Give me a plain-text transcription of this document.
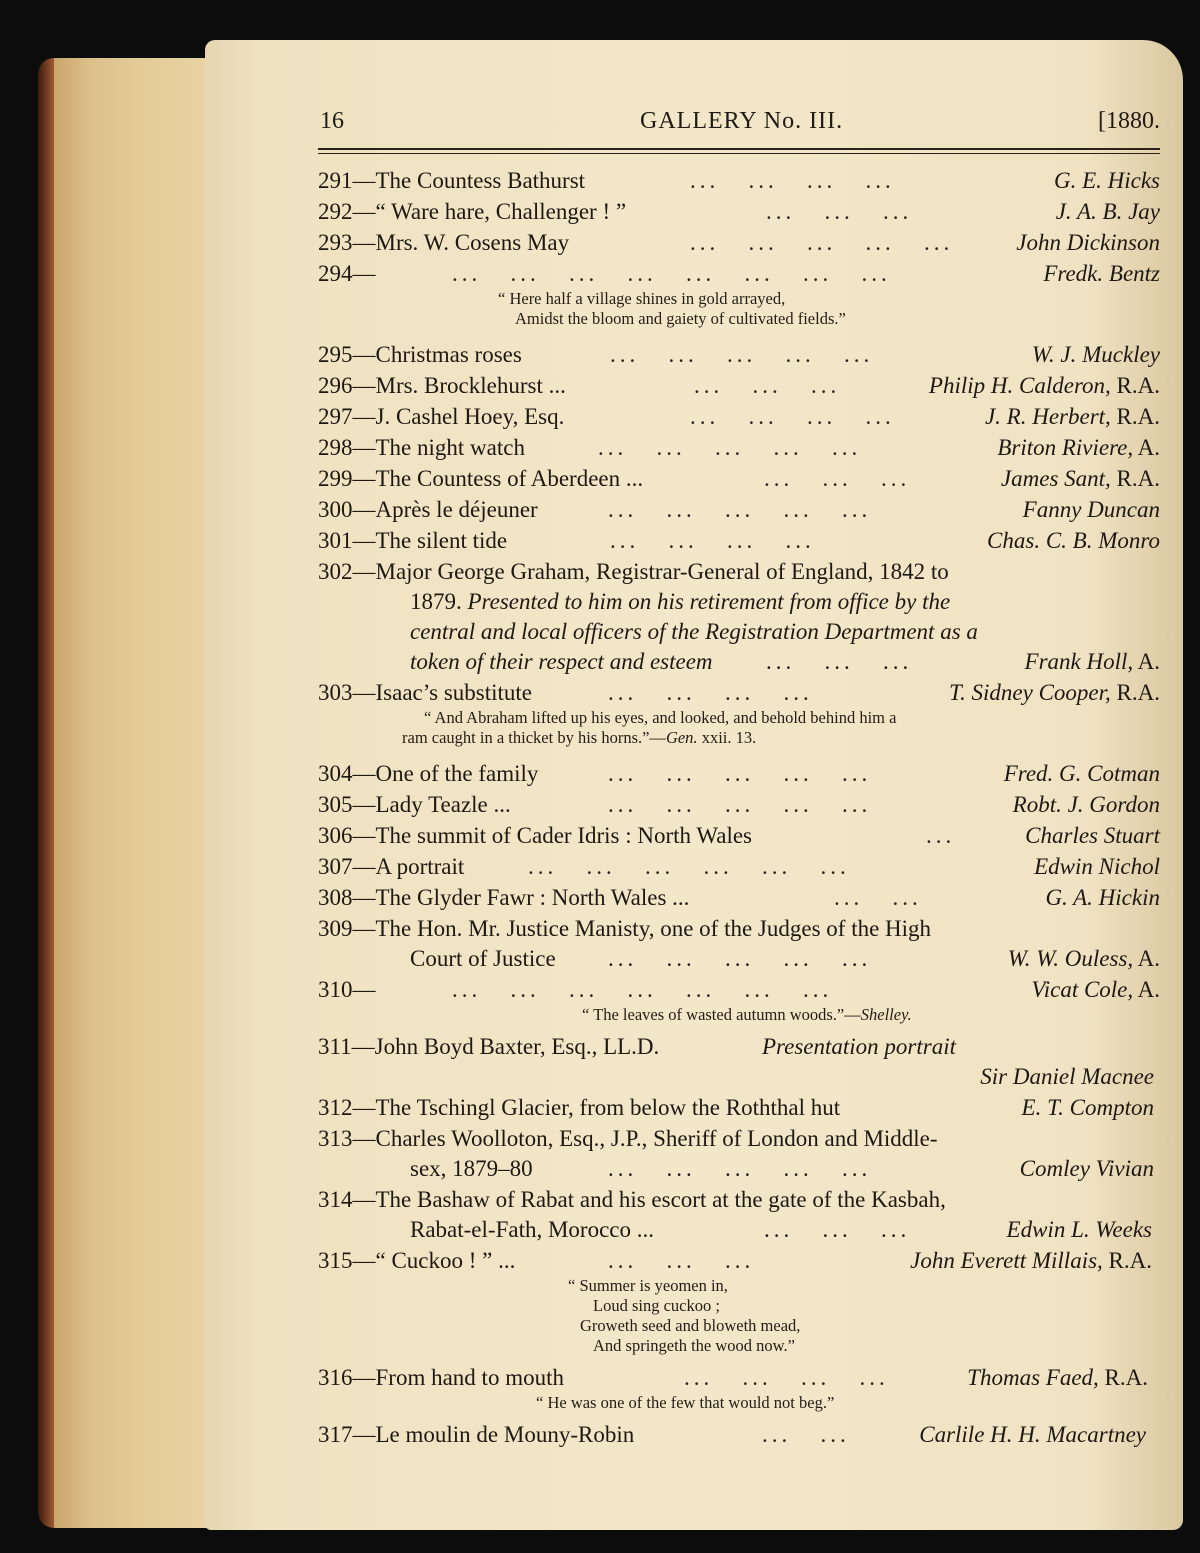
16	GALLERY No. III.	[1880.
291—The Countess Bathurst	...   ...   ...   ...	G. E. Hicks
292—“ Ware hare, Challenger ! ”	...   ...   ...	J. A. B. Jay
293—Mrs. W. Cosens May	...   ...   ...   ...   ...	John Dickinson
294—	...   ...   ...   ...   ...   ...   ...   ...	Fredk. Bentz
“ Here half a village shines in gold arrayed,
Amidst the bloom and gaiety of cultivated fields.”
295—Christmas roses	...   ...   ...   ...   ...	W. J. Muckley
296—Mrs. Brocklehurst ...	...   ...   ...	Philip H. Calderon, R.A.
297—J. Cashel Hoey, Esq.	...   ...   ...   ...	J. R. Herbert, R.A.
298—The night watch	...   ...   ...   ...   ...	Briton Riviere, A.
299—The Countess of Aberdeen ...	...   ...   ...	James Sant, R.A.
300—Après le déjeuner	...   ...   ...   ...   ...	Fanny Duncan
301—The silent tide	...   ...   ...   ...	Chas. C. B. Monro
302—Major George Graham, Registrar-General of England, 1842 to
1879. Presented to him on his retirement from office by the
central and local officers of the Registration Department as a
token of their respect and esteem ...   ...   ...	Frank Holl, A.
303—Isaac’s substitute	...   ...   ...   ...	T. Sidney Cooper, R.A.
“ And Abraham lifted up his eyes, and looked, and behold behind him a
ram caught in a thicket by his horns.”—Gen. xxii. 13.
304—One of the family	...   ...   ...   ...   ...	Fred. G. Cotman
305—Lady Teazle ...	...   ...   ...   ...   ...	Robt. J. Gordon
306—The summit of Cader Idris : North Wales	...	Charles Stuart
307—A portrait	...   ...   ...   ...   ...   ...	Edwin Nichol
308—The Glyder Fawr : North Wales ...	...   ...	G. A. Hickin
309—The Hon. Mr. Justice Manisty, one of the Judges of the High
Court of Justice ...   ...   ...   ...   ...	W. W. Ouless, A.
310—	...   ...   ...   ...   ...   ...   ...	Vicat Cole, A.
“ The leaves of wasted autumn woods.”—Shelley.
311—John Boyd Baxter, Esq., LL.D.	Presentation portrait
Sir Daniel Macnee
312—The Tschingl Glacier, from below the Roththal hut	E. T. Compton
313—Charles Woolloton, Esq., J.P., Sheriff of London and Middle-
sex, 1879–80	...   ...   ...   ...   ...	Comley Vivian
314—The Bashaw of Rabat and his escort at the gate of the Kasbah,
Rabat-el-Fath, Morocco ...	...   ...   ...	Edwin L. Weeks
315—“ Cuckoo ! ” ...	...   ...   ...	John Everett Millais, R.A.
“ Summer is yeomen in,
Loud sing cuckoo ;
Groweth seed and bloweth mead,
And springeth the wood now.”
316—From hand to mouth	...   ...   ...   ...	Thomas Faed, R.A.
“ He was one of the few that would not beg.”
317—Le moulin de Mouny-Robin	...   ...	Carlile H. H. Macartney
